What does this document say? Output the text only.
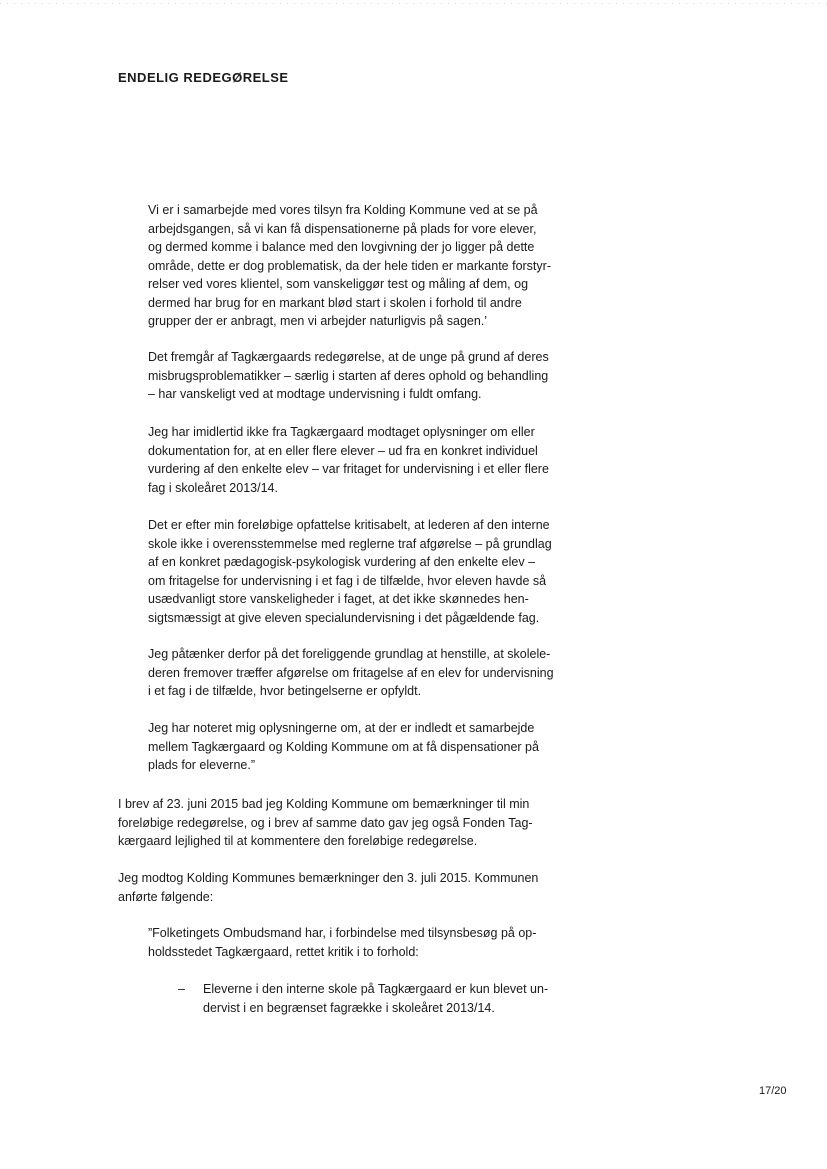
ENDELIG REDEGØRELSE
Vi er i samarbejde med vores tilsyn fra Kolding Kommune ved at se på
arbejdsgangen, så vi kan få dispensationerne på plads for vore elever,
og dermed komme i balance med den lovgivning der jo ligger på dette
område, dette er dog problematisk, da der hele tiden er markante forstyr-
relser ved vores klientel, som vanskeliggør test og måling af dem, og
dermed har brug for en markant blød start i skolen i forhold til andre
grupper der er anbragt, men vi arbejder naturligvis på sagen.’
Det fremgår af Tagkærgaards redegørelse, at de unge på grund af deres
misbrugsproblematikker – særlig i starten af deres ophold og behandling
– har vanskeligt ved at modtage undervisning i fuldt omfang.
Jeg har imidlertid ikke fra Tagkærgaard modtaget oplysninger om eller
dokumentation for, at en eller flere elever – ud fra en konkret individuel
vurdering af den enkelte elev – var fritaget for undervisning i et eller flere
fag i skoleåret 2013/14.
Det er efter min foreløbige opfattelse kritisabelt, at lederen af den interne
skole ikke i overensstemmelse med reglerne traf afgørelse – på grundlag
af en konkret pædagogisk-psykologisk vurdering af den enkelte elev –
om fritagelse for undervisning i et fag i de tilfælde, hvor eleven havde så
usædvanligt store vanskeligheder i faget, at det ikke skønnedes hen-
sigtsmæssigt at give eleven specialundervisning i det pågældende fag.
Jeg påtænker derfor på det foreliggende grundlag at henstille, at skolele-
deren fremover træffer afgørelse om fritagelse af en elev for undervisning
i et fag i de tilfælde, hvor betingelserne er opfyldt.
Jeg har noteret mig oplysningerne om, at der er indledt et samarbejde
mellem Tagkærgaard og Kolding Kommune om at få dispensationer på
plads for eleverne.”
I brev af 23. juni 2015 bad jeg Kolding Kommune om bemærkninger til min
foreløbige redegørelse, og i brev af samme dato gav jeg også Fonden Tag-
kærgaard lejlighed til at kommentere den foreløbige redegørelse.
Jeg modtog Kolding Kommunes bemærkninger den 3. juli 2015. Kommunen
anførte følgende:
”Folketingets Ombudsmand har, i forbindelse med tilsynsbesøg på op-
holdsstedet Tagkærgaard, rettet kritik i to forhold:
– Eleverne i den interne skole på Tagkærgaard er kun blevet un-
dervist i en begrænset fagrække i skoleåret 2013/14.
17/20
